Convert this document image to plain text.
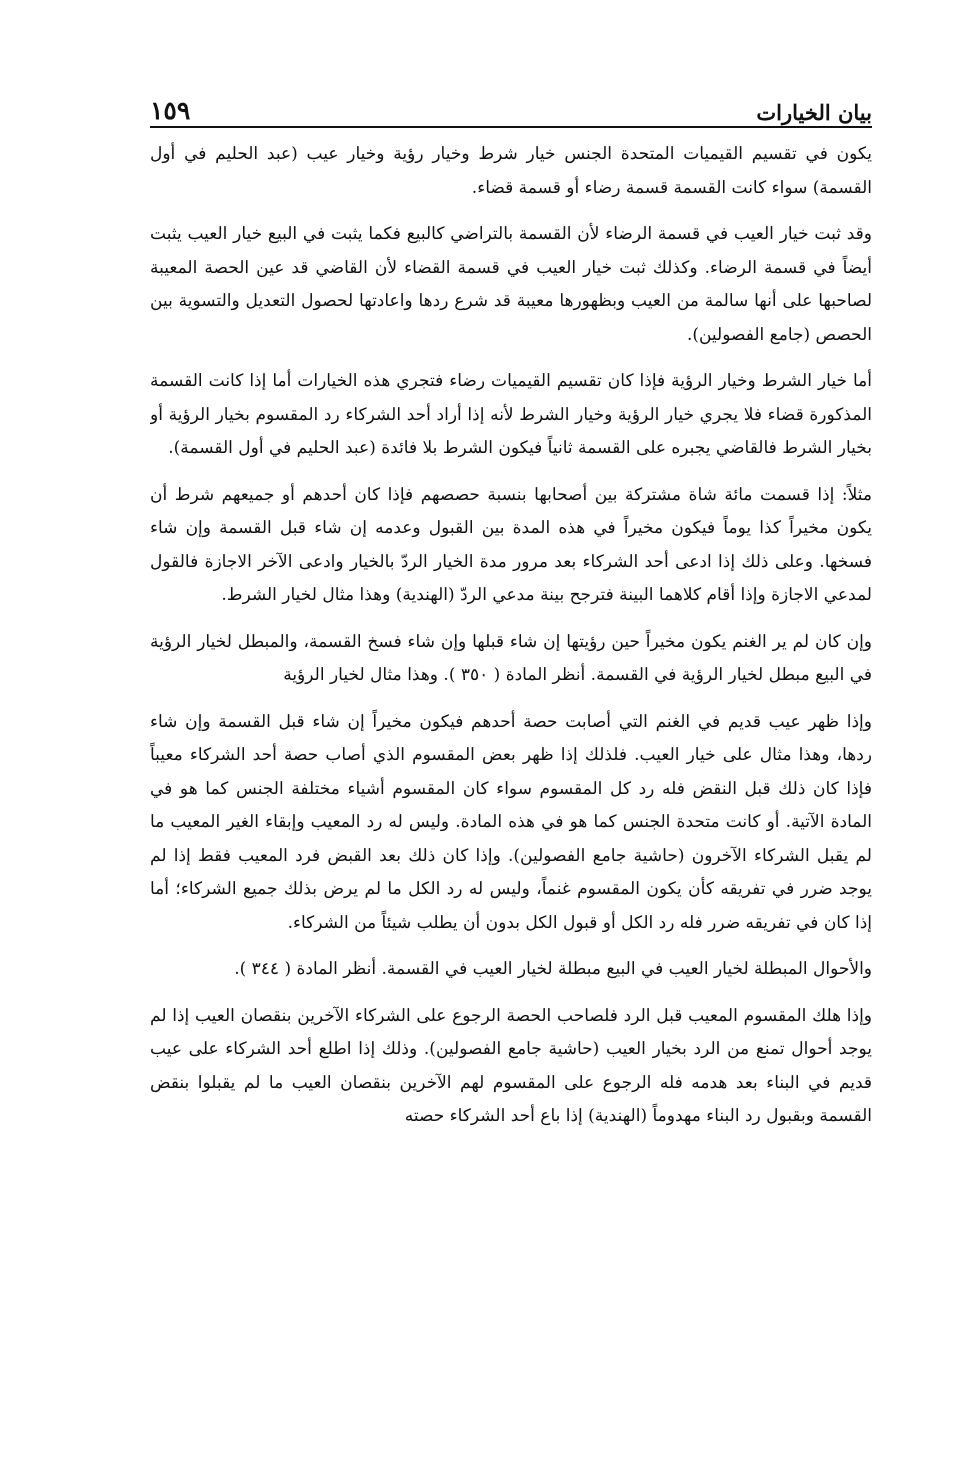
بيان الخيارات
١٥٩

يكون في تقسيم القيميات المتحدة الجنس خيار شرط وخيار رؤية وخيار عيب (عبد الحليم في أول القسمة) سواء كانت القسمة قسمة رضاء أو قسمة قضاء.

وقد ثبت خيار العيب في قسمة الرضاء لأن القسمة بالتراضي كالبيع فكما يثبت في البيع خيار العيب يثبت أيضاً في قسمة الرضاء. وكذلك ثبت خيار العيب في قسمة القضاء لأن القاضي قد عين الحصة المعيبة لصاحبها على أنها سالمة من العيب وبظهورها معيبة قد شرع ردها واعادتها لحصول التعديل والتسوية بين الحصص (جامع الفصولين).

أما خيار الشرط وخيار الرؤية فإذا كان تقسيم القيميات رضاء فتجري هذه الخيارات أما إذا كانت القسمة المذكورة قضاء فلا يجري خيار الرؤية وخيار الشرط لأنه إذا أراد أحد الشركاء رد المقسوم بخيار الرؤية أو بخيار الشرط فالقاضي يجبره على القسمة ثانياً فيكون الشرط بلا فائدة (عبد الحليم في أول القسمة).

مثلاً: إذا قسمت مائة شاة مشتركة بين أصحابها بنسبة حصصهم فإذا كان أحدهم أو جميعهم شرط أن يكون مخيراً كذا يوماً فيكون مخيراً في هذه المدة بين القبول وعدمه إن شاء قبل القسمة وإن شاء فسخها. وعلى ذلك إذا ادعى أحد الشركاء بعد مرور مدة الخيار الردّ بالخيار وادعى الآخر الاجازة فالقول لمدعي الاجازة وإذا أقام كلاهما البينة فترجح بينة مدعي الردّ (الهندية) وهذا مثال لخيار الشرط.

وإن كان لم ير الغنم يكون مخيراً حين رؤيتها إن شاء قبلها وإن شاء فسخ القسمة، والمبطل لخيار الرؤية في البيع مبطل لخيار الرؤية في القسمة. أنظر المادة ( ٣٥٠ ). وهذا مثال لخيار الرؤية

وإذا ظهر عيب قديم في الغنم التي أصابت حصة أحدهم فيكون مخيراً إن شاء قبل القسمة وإن شاء ردها، وهذا مثال على خيار العيب. فلذلك إذا ظهر بعض المقسوم الذي أصاب حصة أحد الشركاء معيباً فإذا كان ذلك قبل النقض فله رد كل المقسوم سواء كان المقسوم أشياء مختلفة الجنس كما هو في المادة الآتية. أو كانت متحدة الجنس كما هو في هذه المادة. وليس له رد المعيب وإبقاء الغير المعيب ما لم يقبل الشركاء الآخرون (حاشية جامع الفصولين). وإذا كان ذلك بعد القبض فرد المعيب فقط إذا لم يوجد ضرر في تفريقه كأن يكون المقسوم غنماً، وليس له رد الكل ما لم يرض بذلك جميع الشركاء؛ أما إذا كان في تفريقه ضرر فله رد الكل أو قبول الكل بدون أن يطلب شيئاً من الشركاء.

والأحوال المبطلة لخيار العيب في البيع مبطلة لخيار العيب في القسمة. أنظر المادة ( ٣٤٤ ).

وإذا هلك المقسوم المعيب قبل الرد فلصاحب الحصة الرجوع على الشركاء الآخرين بنقصان العيب إذا لم يوجد أحوال تمنع من الرد بخيار العيب (حاشية جامع الفصولين). وذلك إذا اطلع أحد الشركاء على عيب قديم في البناء بعد هدمه فله الرجوع على المقسوم لهم الآخرين بنقصان العيب ما لم يقبلوا بنقض القسمة وبقبول رد البناء مهدوماً (الهندية) إذا باع أحد الشركاء حصته
